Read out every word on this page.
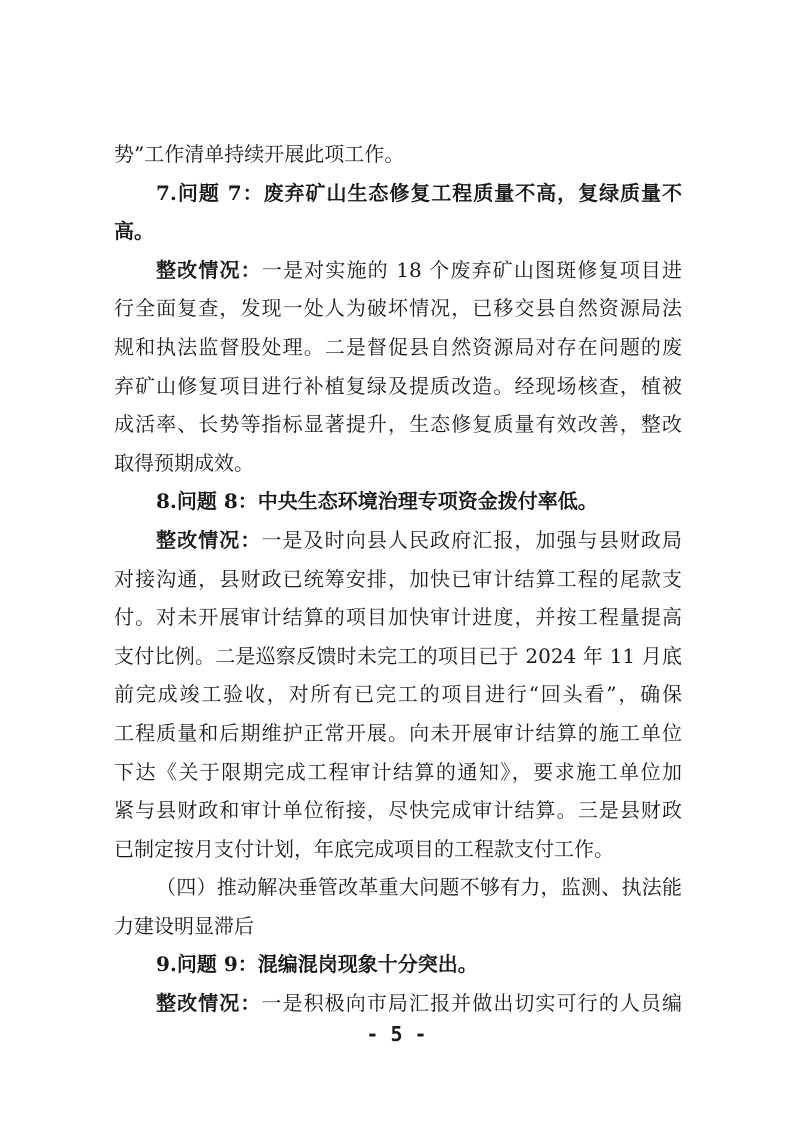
势”工作清单持续开展此项工作。
7.问题 7：废弃矿山生态修复工程质量不高，复绿质量不
高。
整改情况：一是对实施的 18 个废弃矿山图斑修复项目进
行全面复查，发现一处人为破坏情况，已移交县自然资源局法
规和执法监督股处理。二是督促县自然资源局对存在问题的废
弃矿山修复项目进行补植复绿及提质改造。经现场核查，植被
成活率、长势等指标显著提升，生态修复质量有效改善，整改
取得预期成效。
8.问题 8：中央生态环境治理专项资金拨付率低。
整改情况：一是及时向县人民政府汇报，加强与县财政局
对接沟通，县财政已统筹安排，加快已审计结算工程的尾款支
付。对未开展审计结算的项目加快审计进度，并按工程量提高
支付比例。二是巡察反馈时未完工的项目已于 2024 年 11 月底
前完成竣工验收，对所有已完工的项目进行“回头看”，确保
工程质量和后期维护正常开展。向未开展审计结算的施工单位
下达《关于限期完成工程审计结算的通知》，要求施工单位加
紧与县财政和审计单位衔接，尽快完成审计结算。三是县财政
已制定按月支付计划，年底完成项目的工程款支付工作。
（四）推动解决垂管改革重大问题不够有力，监测、执法能
力建设明显滞后
9.问题 9：混编混岗现象十分突出。
整改情况：一是积极向市局汇报并做出切实可行的人员编
- 5 -
